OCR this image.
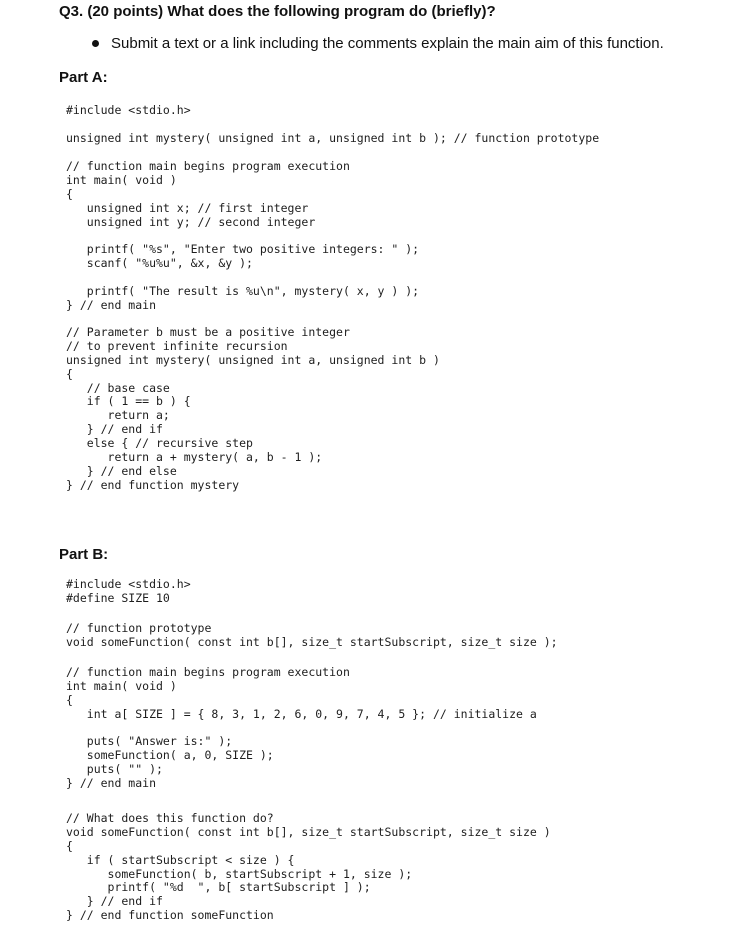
Q3. (20 points) What does the following program do (briefly)?
Submit a text or a link including the comments explain the main aim of this function.
Part A:
#include <stdio.h>
unsigned int mystery( unsigned int a, unsigned int b ); // function prototype
// function main begins program execution
int main( void )
{
unsigned int x; // first integer
unsigned int y; // second integer
printf( "%s", "Enter two positive integers: " );
scanf( "%u%u", &x, &y );
printf( "The result is %u\n", mystery( x, y ) );
} // end main
// Parameter b must be a positive integer
// to prevent infinite recursion
unsigned int mystery( unsigned int a, unsigned int b )
{
// base case
if ( 1 == b ) {
return a;
} // end if
else { // recursive step
return a + mystery( a, b - 1 );
} // end else
} // end function mystery
Part B:
#include <stdio.h>
#define SIZE 10
// function prototype
void someFunction( const int b[], size_t startSubscript, size_t size );
// function main begins program execution
int main( void )
{
int a[ SIZE ] = { 8, 3, 1, 2, 6, 0, 9, 7, 4, 5 }; // initialize a
puts( "Answer is:" );
someFunction( a, 0, SIZE );
puts( "" );
} // end main
// What does this function do?
void someFunction( const int b[], size_t startSubscript, size_t size )
{
if ( startSubscript < size ) {
someFunction( b, startSubscript + 1, size );
printf( "%d  ", b[ startSubscript ] );
} // end if
} // end function someFunction
